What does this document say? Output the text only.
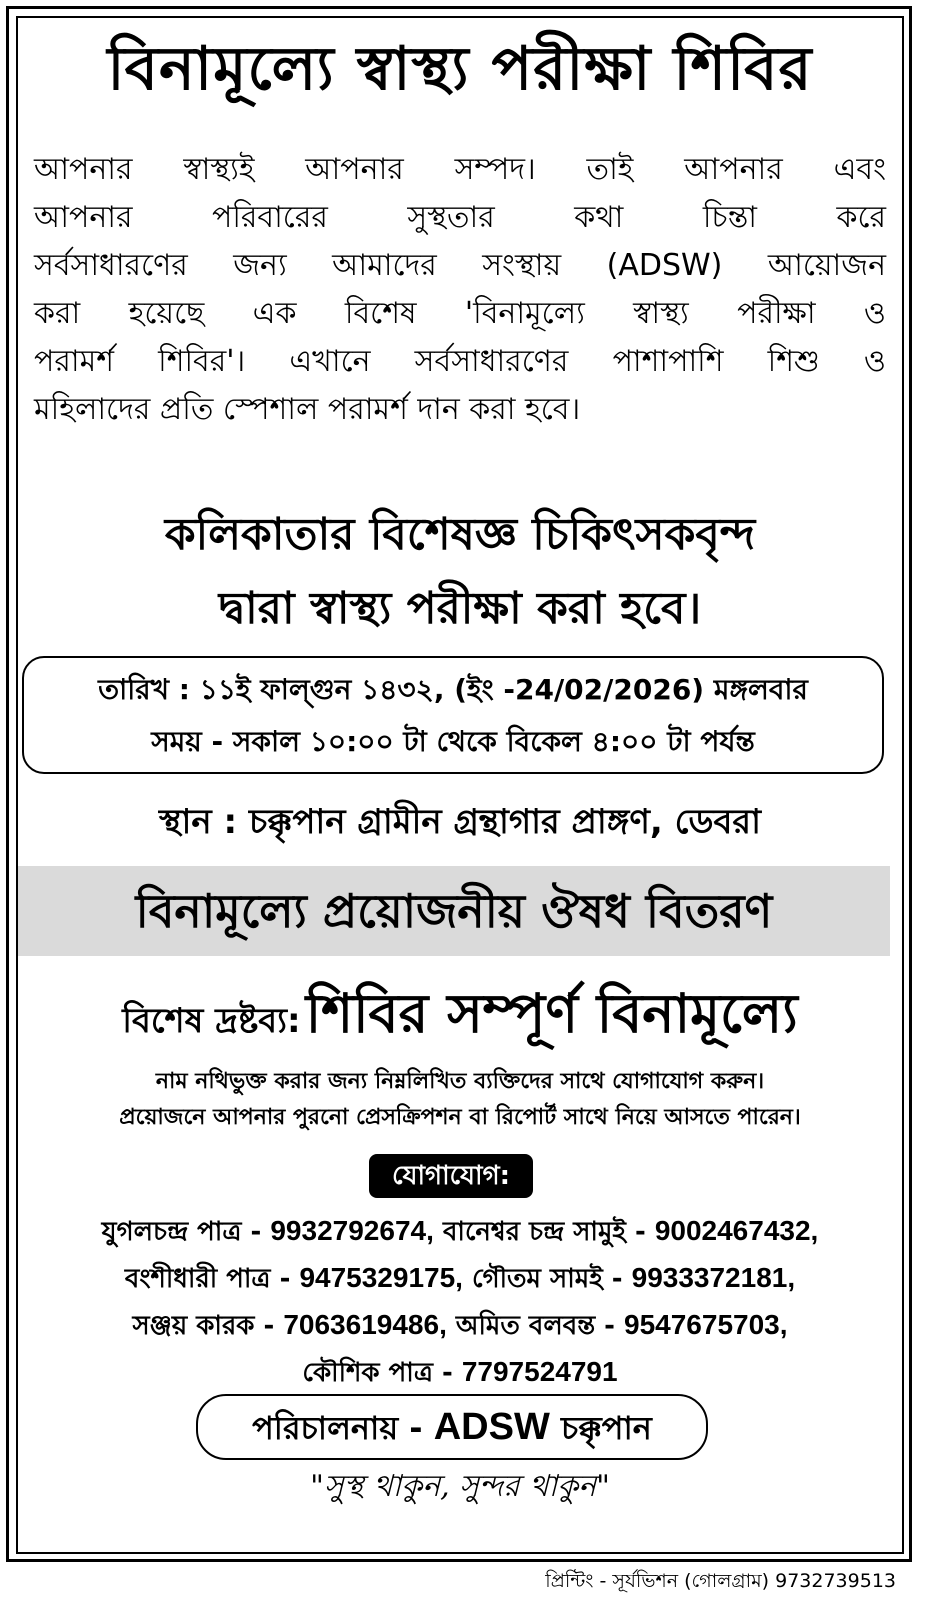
বিনামূল্যে স্বাস্থ্য পরীক্ষা শিবির
আপনার স্বাস্থ্যই আপনার সম্পদ। তাই আপনার এবং
আপনার পরিবারের সুস্থতার কথা চিন্তা করে
সর্বসাধারণের জন্য আমাদের সংস্থায় (ADSW) আয়োজন
করা হয়েছে এক বিশেষ 'বিনামূল্যে স্বাস্থ্য পরীক্ষা ও
পরামর্শ শিবির'। এখানে সর্বসাধারণের পাশাপাশি শিশু ও
মহিলাদের প্রতি স্পেশাল পরামর্শ দান করা হবে।
কলিকাতার বিশেষজ্ঞ চিকিৎসকবৃন্দ
দ্বারা স্বাস্থ্য পরীক্ষা করা হবে।
তারিখ : ১১ই ফাল্গুন ১৪৩২, (ইং -24/02/2026) মঙ্গলবার
সময় - সকাল ১০:০০ টা থেকে বিকেল ৪:০০ টা পর্যন্ত
স্থান : চক্কৃপান গ্রামীন গ্রন্থাগার প্রাঙ্গণ, ডেবরা
বিনামূল্যে প্রয়োজনীয় ঔষধ বিতরণ
বিশেষ দ্রষ্টব্য: শিবির সম্পূর্ণ বিনামূল্যে
নাম নথিভুক্ত করার জন্য নিম্নলিখিত ব্যক্তিদের সাথে যোগাযোগ করুন।
প্রয়োজনে আপনার পুরনো প্রেসক্রিপশন বা রিপোর্ট সাথে নিয়ে আসতে পারেন।
যোগাযোগ:
যুগলচন্দ্র পাত্র - 9932792674, বানেশ্বর চন্দ্র সামুই - 9002467432,
বংশীধারী পাত্র - 9475329175, গৌতম সামই - 9933372181,
সঞ্জয় কারক - 7063619486, অমিত বলবন্ত - 9547675703,
কৌশিক পাত্র - 7797524791
পরিচালনায় - ADSW চক্কৃপান
"সুস্থ থাকুন, সুন্দর থাকুন"
প্রিন্টিং - সূর্যভিশন (গোলগ্রাম) 9732739513
